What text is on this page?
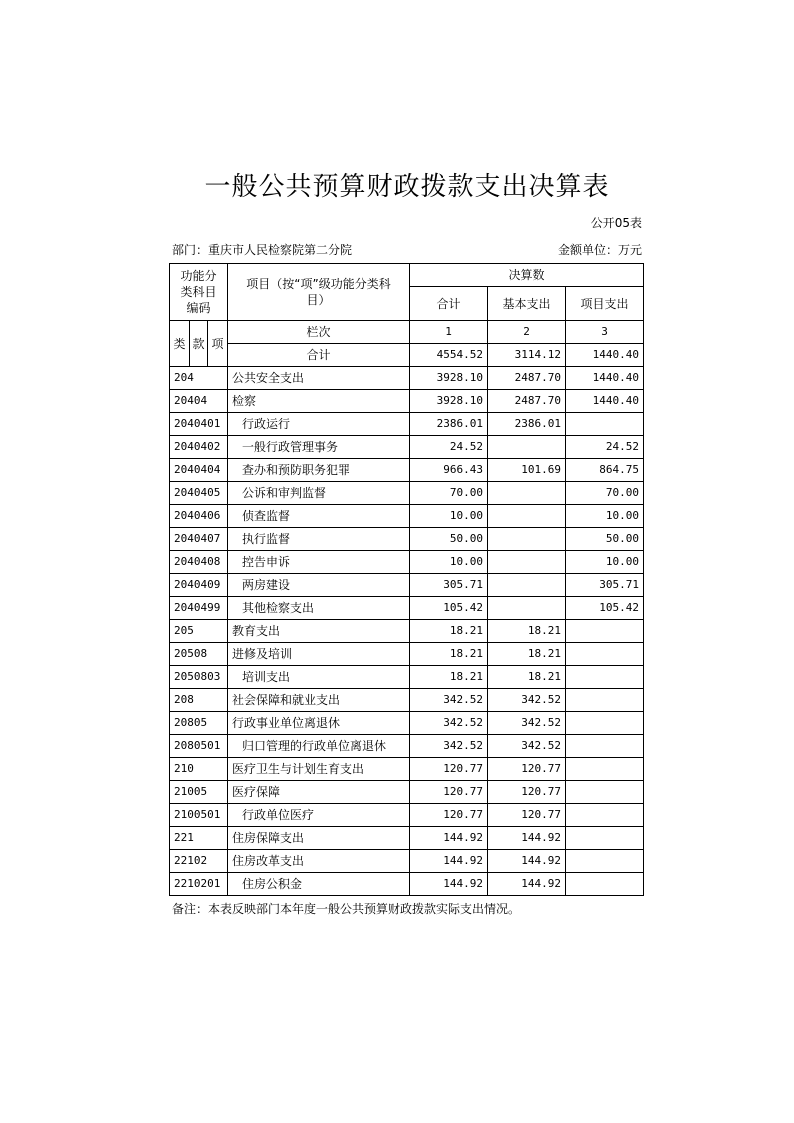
一般公共预算财政拨款支出决算表
公开05表
部门：重庆市人民检察院第二分院	金额单位：万元
功能分类科目编码			项目（按“项”级功能分类科目）	决算数		
				合计	基本支出	项目支出
类	款	项	栏次	1	2	3
			合计	4554.52	3114.12	1440.40
204			公共安全支出	3928.10	2487.70	1440.40
20404			检察	3928.10	2487.70	1440.40
2040401			行政运行	2386.01	2386.01	
2040402			一般行政管理事务	24.52		24.52
2040404			查办和预防职务犯罪	966.43	101.69	864.75
2040405			公诉和审判监督	70.00		70.00
2040406			侦查监督	10.00		10.00
2040407			执行监督	50.00		50.00
2040408			控告申诉	10.00		10.00
2040409			两房建设	305.71		305.71
2040499			其他检察支出	105.42		105.42
205			教育支出	18.21	18.21	
20508			进修及培训	18.21	18.21	
2050803			培训支出	18.21	18.21	
208			社会保障和就业支出	342.52	342.52	
20805			行政事业单位离退休	342.52	342.52	
2080501			归口管理的行政单位离退休	342.52	342.52	
210			医疗卫生与计划生育支出	120.77	120.77	
21005			医疗保障	120.77	120.77	
2100501			行政单位医疗	120.77	120.77	
221			住房保障支出	144.92	144.92	
22102			住房改革支出	144.92	144.92	
2210201			住房公积金	144.92	144.92	
备注：本表反映部门本年度一般公共预算财政拨款实际支出情况。
